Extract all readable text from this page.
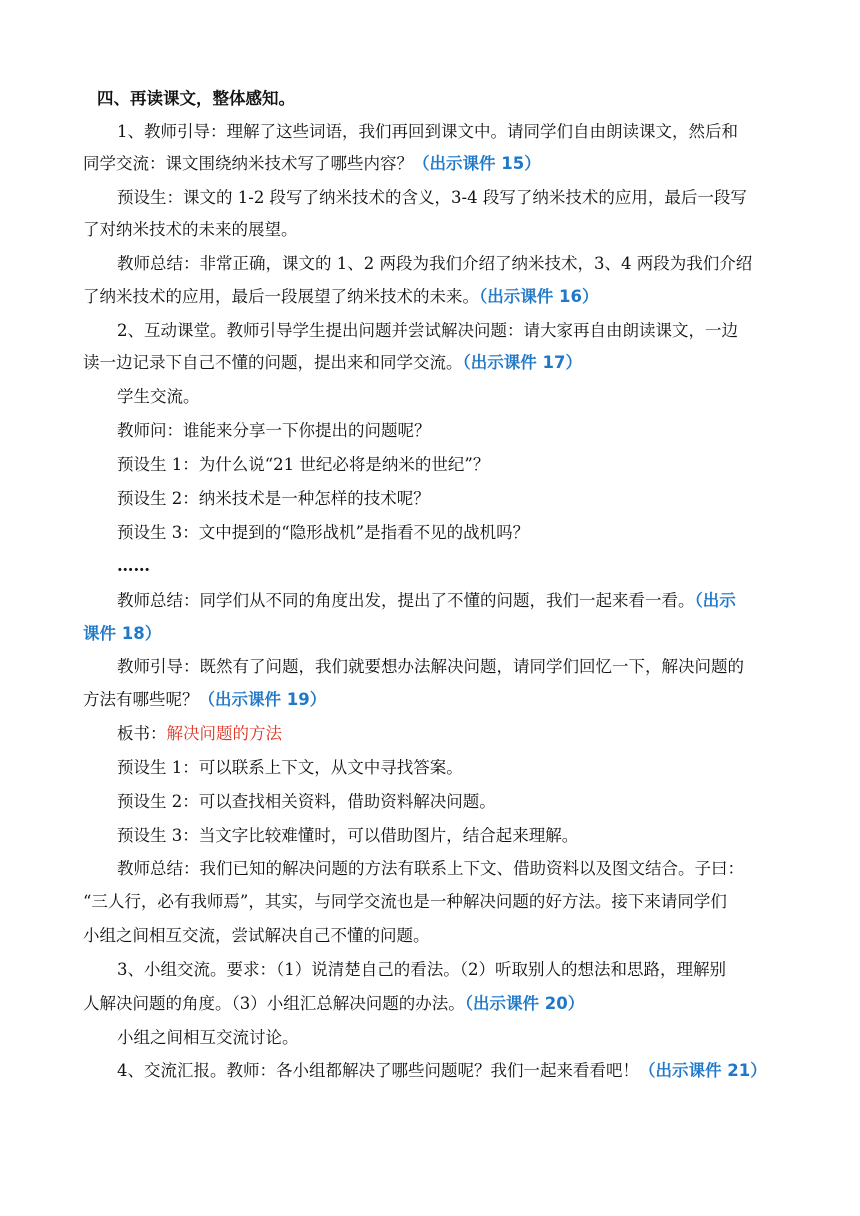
四、再读课文，整体感知。
1、教师引导：理解了这些词语，我们再回到课文中。请同学们自由朗读课文，然后和
同学交流：课文围绕纳米技术写了哪些内容？（出示课件 15）
预设生：课文的 1-2 段写了纳米技术的含义，3-4 段写了纳米技术的应用，最后一段写
了对纳米技术的未来的展望。
教师总结：非常正确，课文的 1、2 两段为我们介绍了纳米技术，3、4 两段为我们介绍
了纳米技术的应用，最后一段展望了纳米技术的未来。（出示课件 16）
2、互动课堂。教师引导学生提出问题并尝试解决问题：请大家再自由朗读课文，一边
读一边记录下自己不懂的问题，提出来和同学交流。（出示课件 17）
学生交流。
教师问：谁能来分享一下你提出的问题呢？
预设生 1：为什么说“21 世纪必将是纳米的世纪”？
预设生 2：纳米技术是一种怎样的技术呢？
预设生 3：文中提到的“隐形战机”是指看不见的战机吗？
……
教师总结：同学们从不同的角度出发，提出了不懂的问题，我们一起来看一看。（出示
课件 18）
教师引导：既然有了问题，我们就要想办法解决问题，请同学们回忆一下，解决问题的
方法有哪些呢？（出示课件 19）
板书：解决问题的方法
预设生 1：可以联系上下文，从文中寻找答案。
预设生 2：可以查找相关资料，借助资料解决问题。
预设生 3：当文字比较难懂时，可以借助图片，结合起来理解。
教师总结：我们已知的解决问题的方法有联系上下文、借助资料以及图文结合。子曰：
“三人行，必有我师焉”，其实，与同学交流也是一种解决问题的好方法。接下来请同学们
小组之间相互交流，尝试解决自己不懂的问题。
3、小组交流。要求：（1）说清楚自己的看法。（2）听取别人的想法和思路，理解别
人解决问题的角度。（3）小组汇总解决问题的办法。（出示课件 20）
小组之间相互交流讨论。
4、交流汇报。教师：各小组都解决了哪些问题呢？我们一起来看看吧！（出示课件 21）
